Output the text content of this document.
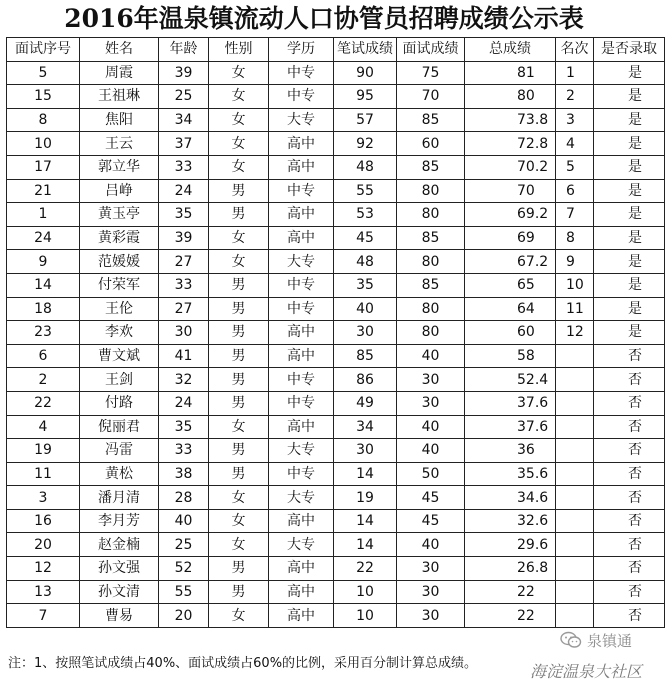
2016年温泉镇流动人口协管员招聘成绩公示表
面试序号	姓名	年龄	性别	学历	笔试成绩	面试成绩	总成绩	名次	是否录取
5	周霞	39	女	中专	90	75	81	1	是
15	王祖琳	25	女	中专	95	70	80	2	是
8	焦阳	34	女	大专	57	85	73.8	3	是
10	王云	37	女	高中	92	60	72.8	4	是
17	郭立华	33	女	高中	48	85	70.2	5	是
21	吕峥	24	男	中专	55	80	70	6	是
1	黄玉亭	35	男	高中	53	80	69.2	7	是
24	黄彩霞	39	女	高中	45	85	69	8	是
9	范媛媛	27	女	大专	48	80	67.2	9	是
14	付荣军	33	男	中专	35	85	65	10	是
18	王伦	27	男	中专	40	80	64	11	是
23	李欢	30	男	高中	30	80	60	12	是
6	曹文斌	41	男	高中	85	40	58		否
2	王剑	32	男	中专	86	30	52.4		否
22	付路	24	男	中专	49	30	37.6		否
4	倪丽君	35	女	高中	34	40	37.6		否
19	冯雷	33	男	大专	30	40	36		否
11	黄松	38	男	中专	14	50	35.6		否
3	潘月清	28	女	大专	19	45	34.6		否
16	李月芳	40	女	高中	14	45	32.6		否
20	赵金楠	25	女	大专	14	40	29.6		否
12	孙文强	52	男	高中	22	30	26.8		否
13	孙文清	55	男	高中	10	30	22		否
7	曹易	20	女	高中	10	30	22		否
注：1、按照笔试成绩占40%、面试成绩占60%的比例，采用百分制计算总成绩。
泉镇通
海淀温泉大社区
